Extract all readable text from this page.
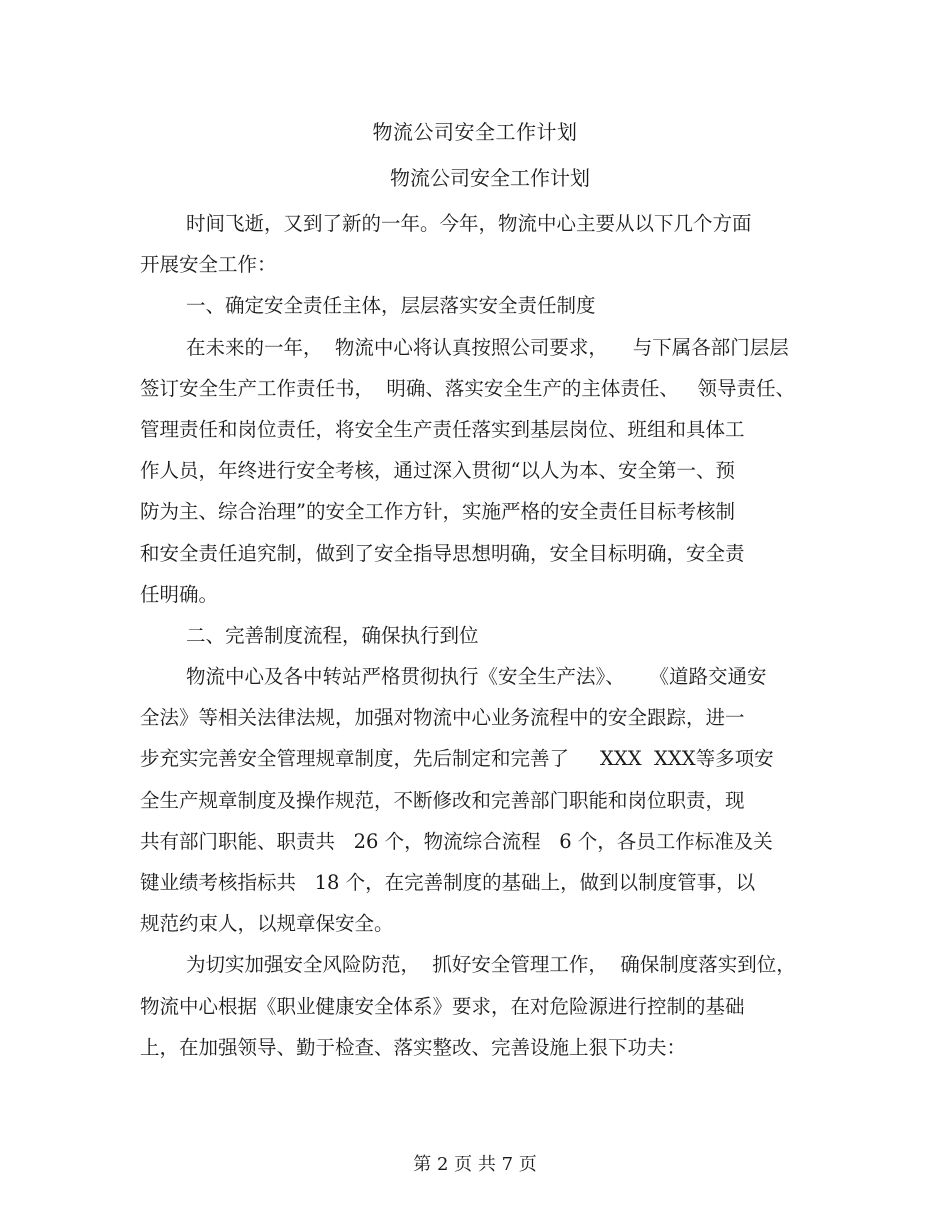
物流公司安全工作计划
物流公司安全工作计划
时间飞逝，又到了新的一年。今年，物流中心主要从以下几个方面
开展安全工作：
一、确定安全责任主体，层层落实安全责任制度
在未来的一年，  物流中心将认真按照公司要求，    与下属各部门层层
签订安全生产工作责任书，  明确、落实安全生产的主体责任、   领导责任、
管理责任和岗位责任，将安全生产责任落实到基层岗位、班组和具体工
作人员，年终进行安全考核，通过深入贯彻“以人为本、安全第一、预
防为主、综合治理”的安全工作方针，实施严格的安全责任目标考核制
和安全责任追究制，做到了安全指导思想明确，安全目标明确，安全责
任明确。
二、完善制度流程，确保执行到位
物流中心及各中转站严格贯彻执行《安全生产法》、    《道路交通安
全法》等相关法律法规，加强对物流中心业务流程中的安全跟踪，进一
步充实完善安全管理规章制度，先后制定和完善了     XXX  XXX等多项安
全生产规章制度及操作规范，不断修改和完善部门职能和岗位职责，现
共有部门职能、职责共   26 个，物流综合流程   6 个，各员工作标准及关
键业绩考核指标共   18 个，在完善制度的基础上，做到以制度管事，以
规范约束人，以规章保安全。
为切实加强安全风险防范，  抓好安全管理工作，  确保制度落实到位，
物流中心根据《职业健康安全体系》要求，在对危险源进行控制的基础
上，在加强领导、勤于检查、落实整改、完善设施上狠下功夫：
第 2 页 共 7 页
